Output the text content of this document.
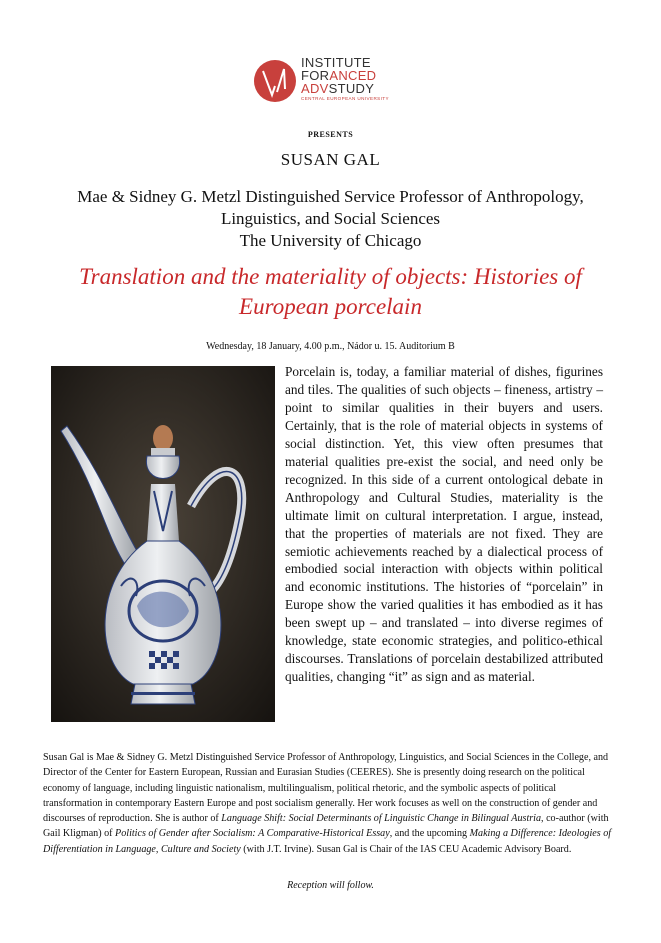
INSTITUTE
FORANCED
ADVSTUDY
CENTRAL EUROPEAN UNIVERSITY
presents
SUSAN GAL
Mae & Sidney G. Metzl Distinguished Service Professor of Anthropology,
Linguistics, and Social Sciences
The University of Chicago
Translation and the materiality of objects: Histories of
European porcelain
Wednesday, 18 January, 4.00 p.m., Nádor u. 15. Auditorium B
Porcelain is, today, a familiar material of dishes, figurines and tiles. The qualities of such objects – fineness, artistry – point to similar qualities in their buyers and users. Certainly, that is the role of material objects in systems of social distinction. Yet, this view often presumes that material qualities pre-exist the social, and need only be recognized. In this side of a current ontological debate in Anthropology and Cultural Studies, materiality is the ultimate limit on cultural interpretation. I argue, instead, that the properties of materials are not fixed. They are semiotic achievements reached by a dialectical process of embodied social interaction with objects within political and economic institutions. The histories of “porcelain” in Europe show the varied qualities it has embodied as it has been swept up – and translated – into diverse regimes of knowledge, state economic strategies, and politico-ethical discourses. Translations of porcelain destabilized attributed qualities, changing “it” as sign and as material.
Susan Gal is Mae & Sidney G. Metzl Distinguished Service Professor of Anthropology, Linguistics, and Social Sciences in the College, and Director of the Center for Eastern European, Russian and Eurasian Studies (CEERES). She is presently doing research on the political economy of language, including linguistic nationalism, multilingualism, political rhetoric, and the symbolic aspects of political transformation in contemporary Eastern Europe and post socialism generally. Her work focuses as well on the construction of gender and discourses of reproduction. She is author of Language Shift: Social Determinants of Linguistic Change in Bilingual Austria, co-author (with Gail Kligman) of Politics of Gender after Socialism: A Comparative-Historical Essay, and the upcoming Making a Difference: Ideologies of Differentiation in Language, Culture and Society (with J.T. Irvine). Susan Gal is Chair of the IAS CEU Academic Advisory Board.
Reception will follow.
